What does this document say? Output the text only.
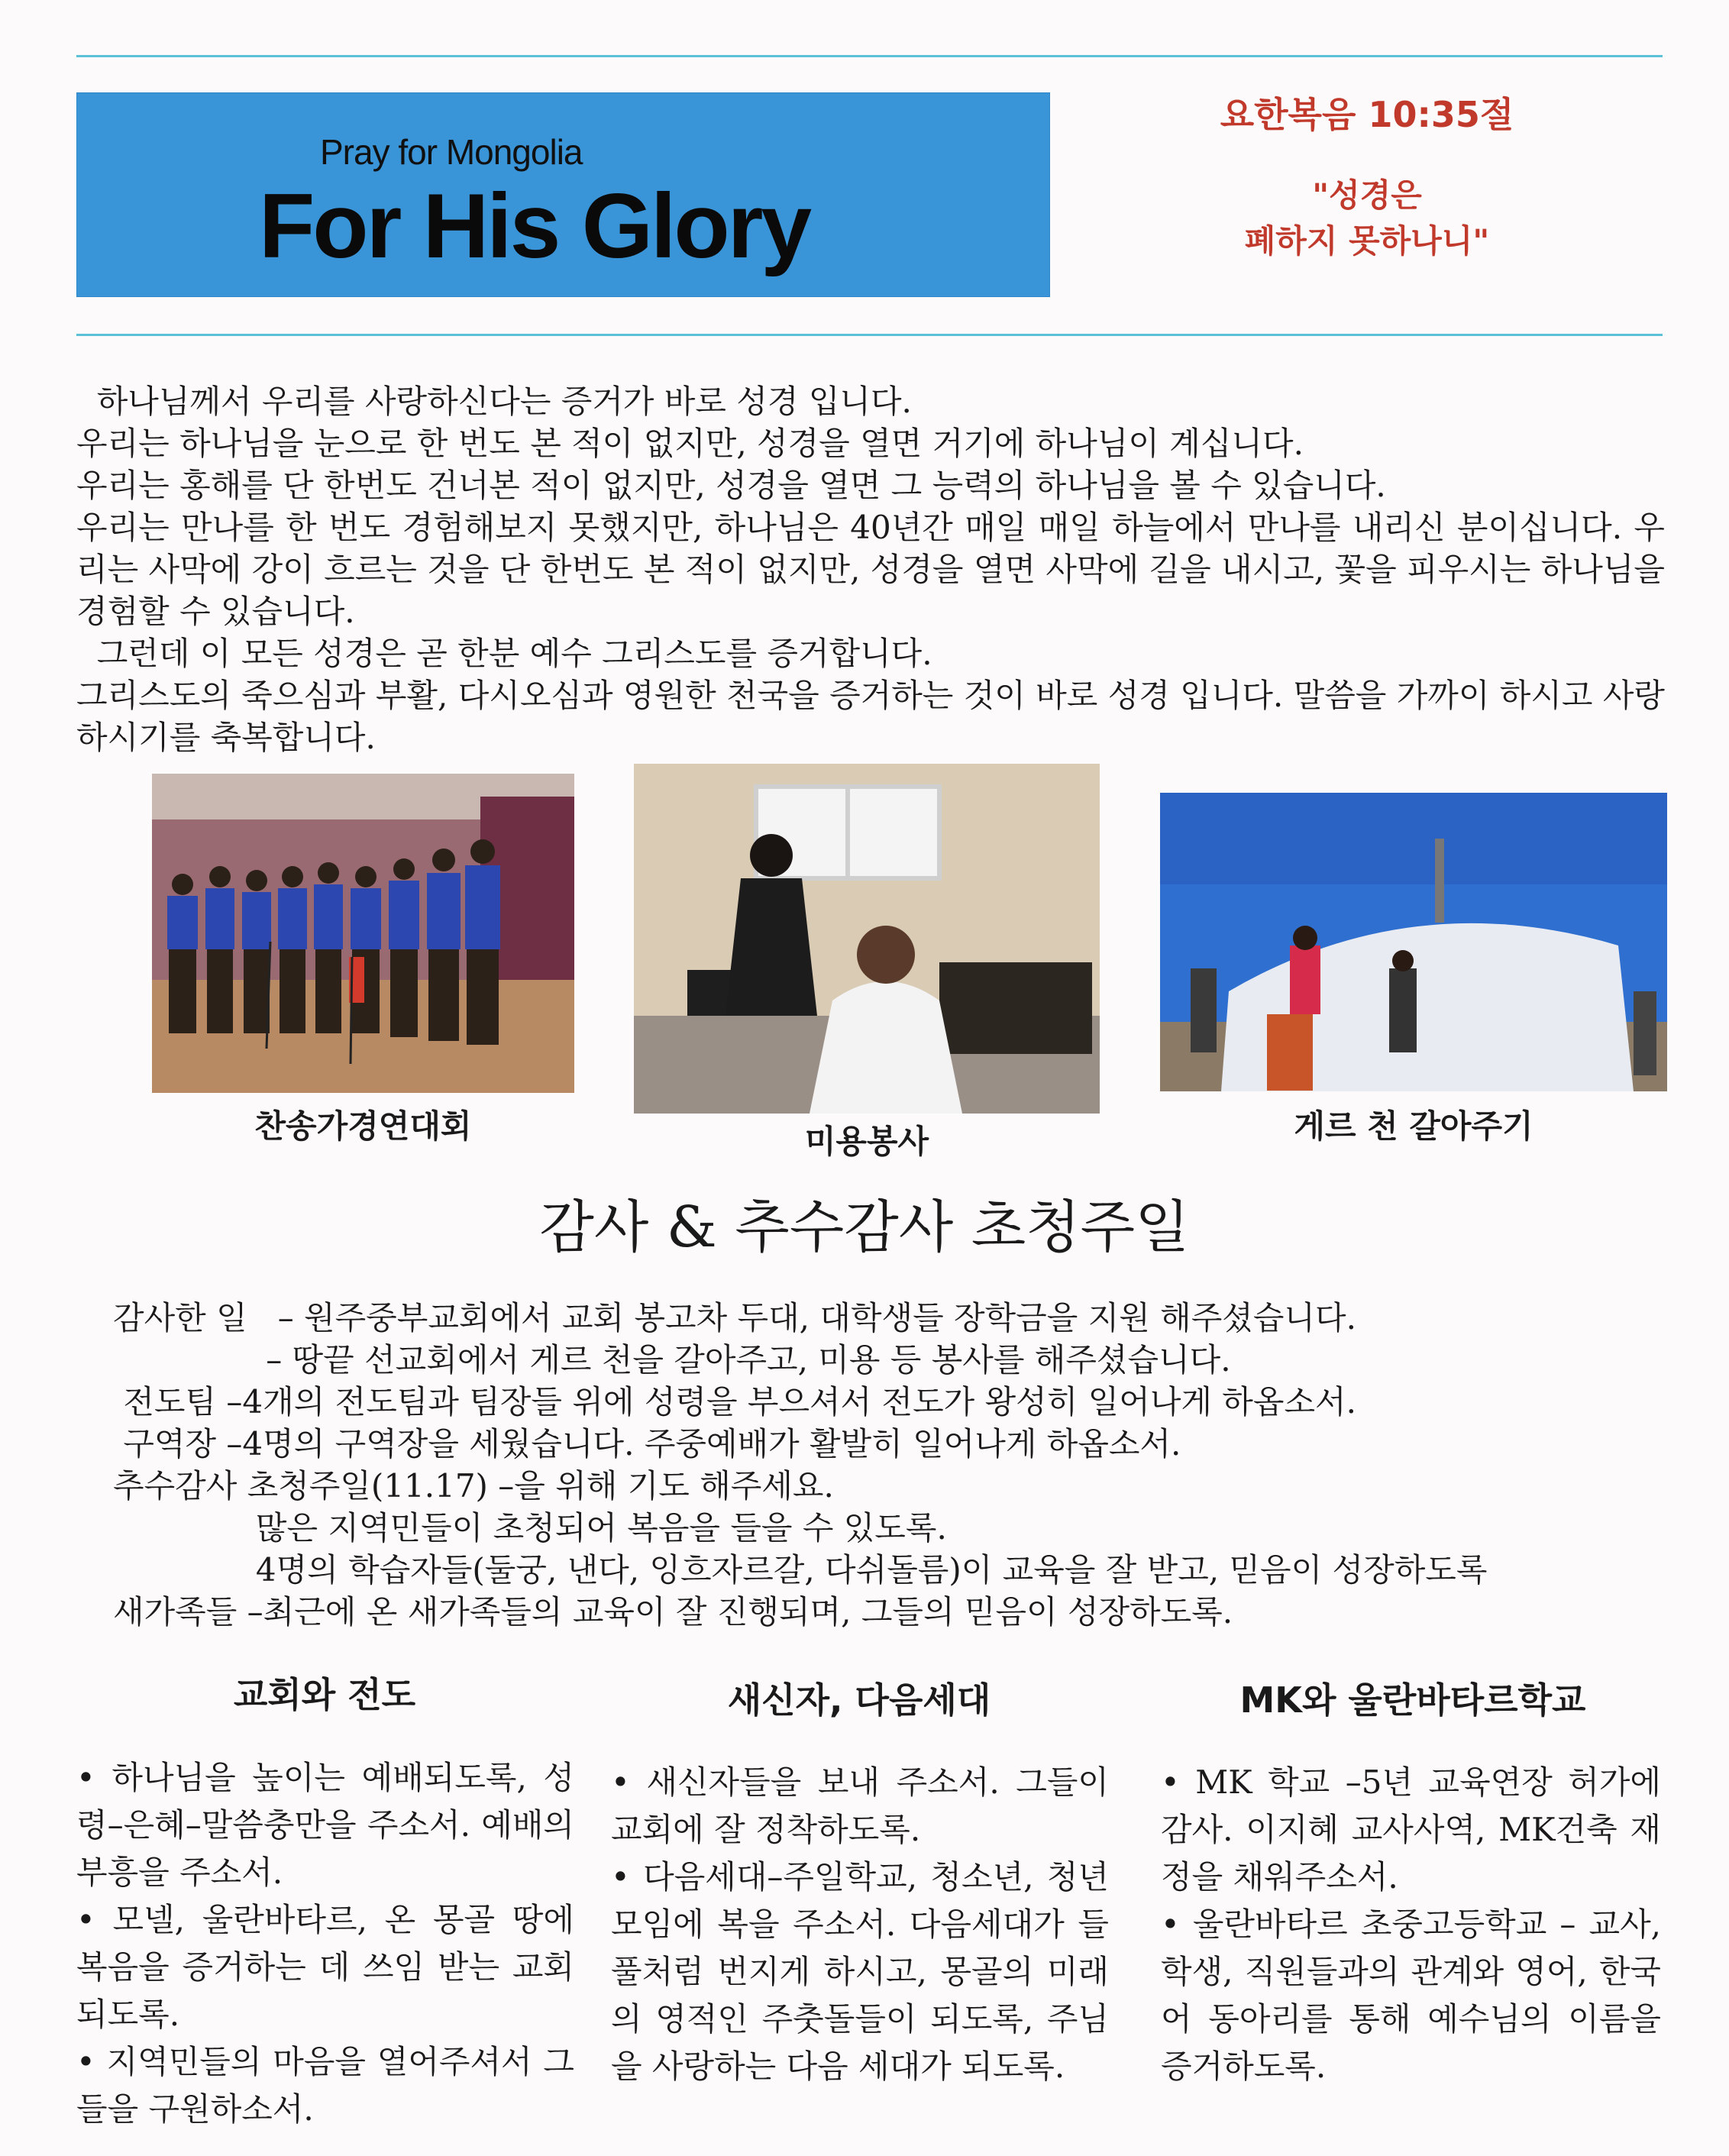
Pray for Mongolia
For His Glory
요한복음 10:35절
"성경은
폐하지 못하나니"

하나님께서 우리를 사랑하신다는 증거가 바로 성경 입니다.

우리는 하나님을 눈으로 한 번도 본 적이 없지만, 성경을 열면 거기에 하나님이 계십니다.

우리는 홍해를 단 한번도 건너본 적이 없지만, 성경을 열면 그 능력의 하나님을 볼 수 있습니다.

우리는 만나를 한 번도 경험해보지 못했지만, 하나님은 40년간 매일 매일 하늘에서 만나를 내리신 분이십니다. 우리는 사막에 강이 흐르는 것을 단 한번도 본 적이 없지만, 성경을 열면 사막에 길을 내시고, 꽃을 피우시는 하나님을 경험할 수 있습니다.

그런데 이 모든 성경은 곧 한분 예수 그리스도를 증거합니다.

그리스도의 죽으심과 부활, 다시오심과 영원한 천국을 증거하는 것이 바로 성경 입니다. 말씀을 가까이 하시고 사랑하시기를 축복합니다.

찬송가경연대회	미용봉사	게르 천 갈아주기
감사 & 추수감사 초청주일
감사한 일   – 원주중부교회에서 교회 봉고차 두대, 대학생들 장학금을 지원 해주셨습니다.
– 땅끝 선교회에서 게르 천을 갈아주고, 미용 등 봉사를 해주셨습니다.
전도팀 –4개의 전도팀과 팀장들 위에 성령을 부으셔서 전도가 왕성히 일어나게 하옵소서.
구역장 –4명의 구역장을 세웠습니다. 주중예배가 활발히 일어나게 하옵소서.
추수감사 초청주일(11.17) –을 위해 기도 해주세요.
많은 지역민들이 초청되어 복음을 들을 수 있도록.
4명의 학습자들(둘궁, 낸다, 잉흐자르갈, 다쉬돌름)이 교육을 잘 받고, 믿음이 성장하도록
새가족들 –최근에 온 새가족들의 교육이 잘 진행되며, 그들의 믿음이 성장하도록.
교회와 전도	새신자, 다음세대	MK와 울란바타르학교

• 하나님을 높이는 예배되도록, 성령–은혜–말씀충만을 주소서. 예배의 부흥을 주소서.

• 모넬, 울란바타르, 온 몽골 땅에 복음을 증거하는 데 쓰임 받는 교회 되도록.

• 지역민들의 마음을 열어주셔서 그들을 구원하소서.

• 새신자들을 보내 주소서. 그들이 교회에 잘 정착하도록.

• 다음세대–주일학교, 청소년, 청년 모임에 복을 주소서. 다음세대가 들풀처럼 번지게 하시고, 몽골의 미래의 영적인 주춧돌들이 되도록, 주님을 사랑하는 다음 세대가 되도록.

• MK 학교 –5년 교육연장 허가에 감사. 이지혜 교사사역, MK건축 재정을 채워주소서.

• 울란바타르 초중고등학교 – 교사, 학생, 직원들과의 관계와 영어, 한국어 동아리를 통해 예수님의 이름을 증거하도록.
